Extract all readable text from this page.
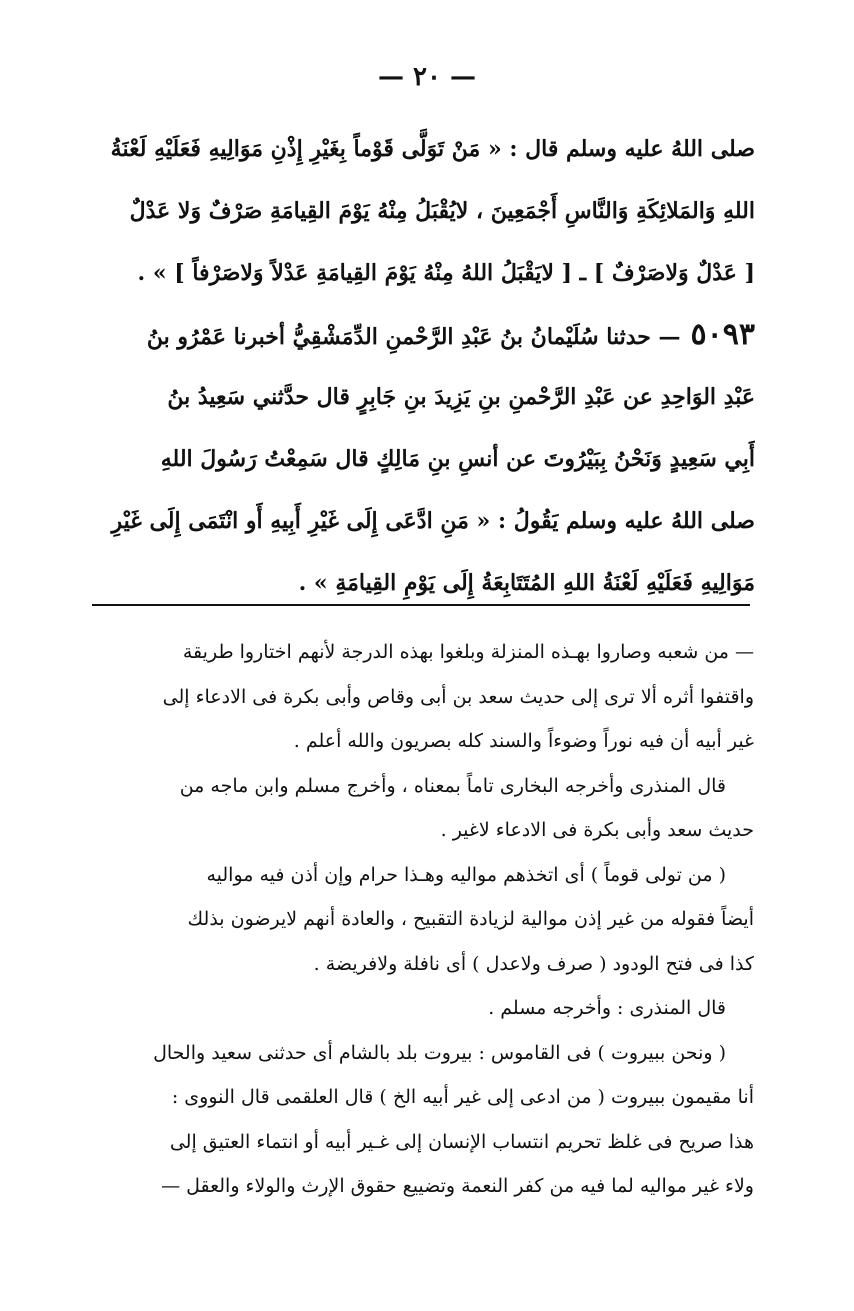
— ٢٠ —
صلى اللهُ عليه وسلم قال : « مَنْ تَوَلَّى قَوْماً بِغَيْرِ إِذْنِ مَوَالِيهِ فَعَلَيْهِ لَعْنَةُ
اللهِ وَالمَلائِكَةِ وَالنَّاسِ أَجْمَعِينَ ، لايُقْبَلُ مِنْهُ يَوْمَ القِيامَةِ صَرْفٌ وَلا عَدْلٌ
[ عَدْلٌ وَلاصَرْفٌ ] ـ [ لايَقْبَلُ اللهُ مِنْهُ يَوْمَ القِيامَةِ عَدْلاً وَلاصَرْفاً ] » .
٥٠٩٣— حدثنا سُلَيْمانُ بنُ عَبْدِ الرَّحْمنِ الدِّمَشْقِيُّ أخبرنا عَمْرُو بنُ
عَبْدِ الوَاحِدِ عن عَبْدِ الرَّحْمنِ بنِ يَزِيدَ بنِ جَابِرٍ قال حدَّثني سَعِيدُ بنُ
أَبِي سَعِيدٍ وَنَحْنُ بِبَيْرُوتَ عن أنسِ بنِ مَالِكٍ قال سَمِعْتُ رَسُولَ اللهِ
صلى اللهُ عليه وسلم يَقُولُ : « مَنِ ادَّعَى إِلَى غَيْرِ أَبِيهِ أَو انْتَمَى إِلَى غَيْرِ
مَوَالِيهِ فَعَلَيْهِ لَعْنَةُ اللهِ المُتَتَابِعَةُ إِلَى يَوْمِ القِيامَةِ » .
— من شعبه وصاروا بهـذه المنزلة وبلغوا بهذه الدرجة لأنهم اختاروا طريقة
واقتفوا أثره ألا ترى إلى حديث سعد بن أبى وقاص وأبى بكرة فى الادعاء إلى
غير أبيه أن فيه نوراً وضوءاً والسند كله بصريون والله أعلم .
قال المنذرى وأخرجه البخارى تاماً بمعناه ، وأخرج مسلم وابن ماجه من
حديث سعد وأبى بكرة فى الادعاء لاغير .
( من تولى قوماً ) أى اتخذهم مواليه وهـذا حرام وإن أذن فيه مواليه
أيضاً فقوله من غير إذن موالية لزيادة التقبيح ، والعادة أنهم لايرضون بذلك
كذا فى فتح الودود ( صرف ولاعدل ) أى نافلة ولافريضة .
قال المنذرى : وأخرجه مسلم .
( ونحن ببيروت ) فى القاموس : بيروت بلد بالشام أى حدثنى سعيد والحال
أنا مقيمون ببيروت ( من ادعى إلى غير أبيه الخ ) قال العلقمى قال النووى :
هذا صريح فى غلظ تحريم انتساب الإنسان إلى غـير أبيه أو انتماء العتيق إلى
ولاء غير مواليه لما فيه من كفر النعمة وتضييع حقوق الإرث والولاء والعقل —
